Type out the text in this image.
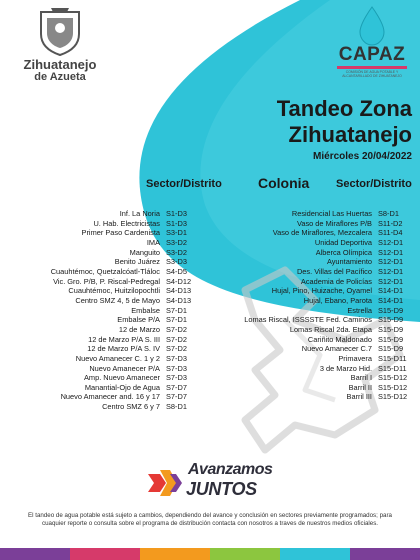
Zihuatanejo
de Azueta
CAPAZ
COMISIÓN DE AGUA POTABLE Y ALCANTARILLADO DE ZIHUATANEJO
Tandeo Zona
Zihuatanejo
Miércoles 20/04/2022
Sector/Distrito	Colonia Sector/Distrito
Inf. La Noria S1-D3
U. Hab. Electricistas S1-D3
Primer Paso Cardenista S3-D1
IMA S3-D2
Manguito S3-D2
Benito Juárez S3-D3
Cuauhtémoc, Quetzalcóatl-Tláloc S4-D5
Vic. Gro. P/B, P. Riscal-Pedregal S4-D12
Cuauhtémoc, Huitzilopochtli S4-D13
Centro SMZ 4, 5 de Mayo S4-D13
Embalse S7-D1
Embalse P/A S7-D1
12 de Marzo S7-D2
12 de Marzo P/A S. III S7-D2
12 de Marzo P/A S. IV S7-D2
Nuevo Amanecer C. 1 y 2 S7-D3
Nuevo Amanecer P/A S7-D3
Amp. Nuevo Amanecer S7-D3
Manantial-Ojo de Agua S7-D7
Nuevo Amanecer and. 16 y 17 S7-D7
Centro SMZ 6 y 7 S8-D1
Residencial Las Huertas S8-D1
Vaso de Miraflores P/B S11-D2
Vaso de Miraflores, Mezcalera S11-D4
Unidad Deportiva S12-D1
Alberca Olímpica S12-D1
Ayuntamiento S12-D1
Des. Villas del Pacífico S12-D1
Academia de Policías S12-D1
Hujal, Pino, Huizache, Oyamel S14-D1
Hujal, Ebano, Parota S14-D1
Estrella S15-D9
Lomas Riscal, ISSSSTE Fed. Caminos S15-D9
Lomas Riscal 2da. Etapa S15-D9
Cariñito Maldonado S15-D9
Nuevo Amanecer C.7 S15-D9
Primavera S15-D11
3 de Marzo Hid. S15-D11
Barril I S15-D12
Barril II S15-D12
Barril III S15-D12
Avanzamos
JUNTOS
El tandeo de agua potable está sujeto a cambios, dependiendo del avance y conclusión en sectores previamente programados; para cuaquier reporte o consulta sobre el programa de distribución contacta con nosotros a traves de nuestros medios oficiales.
